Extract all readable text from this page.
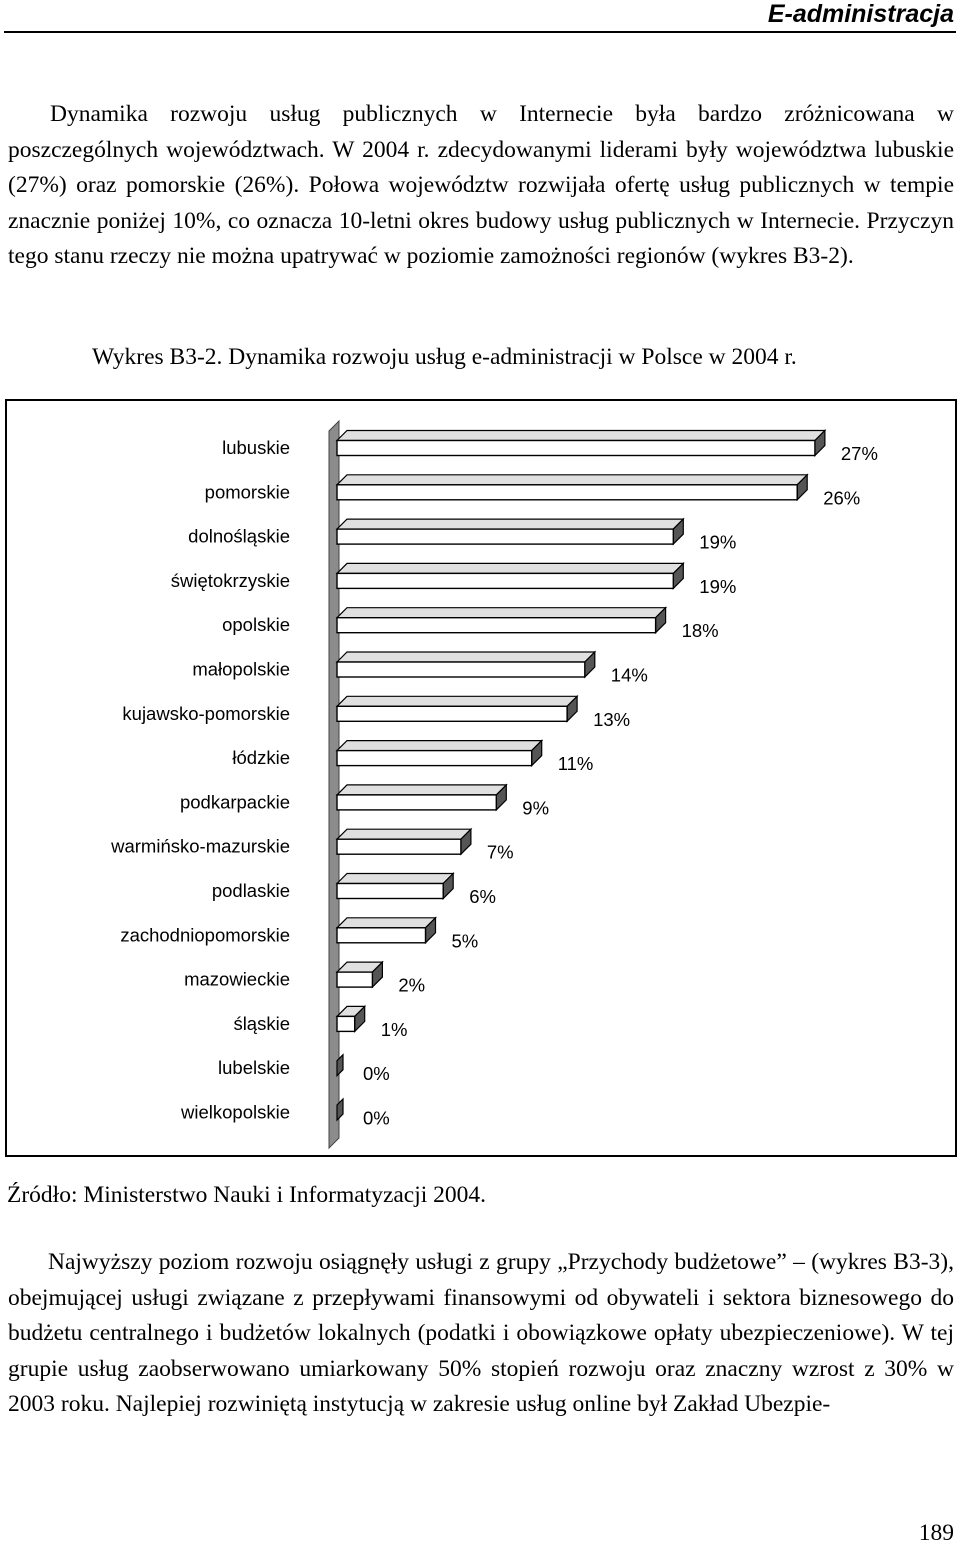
E-administracja

Dynamika rozwoju usług publicznych w Internecie była bardzo zróżnicowana w poszczególnych województwach. W 2004 r. zdecydowanymi liderami były województwa lubuskie (27%) oraz pomorskie (26%). Połowa województw rozwijała ofertę usług publicznych w tempie znacznie poniżej 10%, co oznacza 10-letni okres budowy usług publicznych w Internecie. Przyczyn tego stanu rzeczy nie można upatrywać w poziomie zamożności regionów (wykres B3-2).

Wykres B3-2. Dynamika rozwoju usług e-administracji w Polsce w 2004 r.
lubuskie	27%
pomorskie	26%
dolnośląskie	19%
świętokrzyskie	19%
opolskie	18%
małopolskie	14%
kujawsko-pomorskie	13%
łódzkie	11%
podkarpackie	9%
warmińsko-mazurskie	7%
podlaskie	6%
zachodniopomorskie	5%
mazowieckie	2%
śląskie	1%
lubelskie	0%
wielkopolskie	0%
Źródło: Ministerstwo Nauki i Informatyzacji 2004.

Najwyższy poziom rozwoju osiągnęły usługi z grupy „Przychody budżetowe” – (wykres B3-3), obejmującej usługi związane z przepływami finansowymi od obywateli i sektora biznesowego do budżetu centralnego i budżetów lokalnych (podatki i obowiązkowe opłaty ubezpieczeniowe). W tej grupie usług zaobserwowano umiarkowany 50% stopień rozwoju oraz znaczny wzrost z 30% w 2003 roku. Najlepiej rozwiniętą instytucją w zakresie usług online był Zakład Ubezpie-

189
